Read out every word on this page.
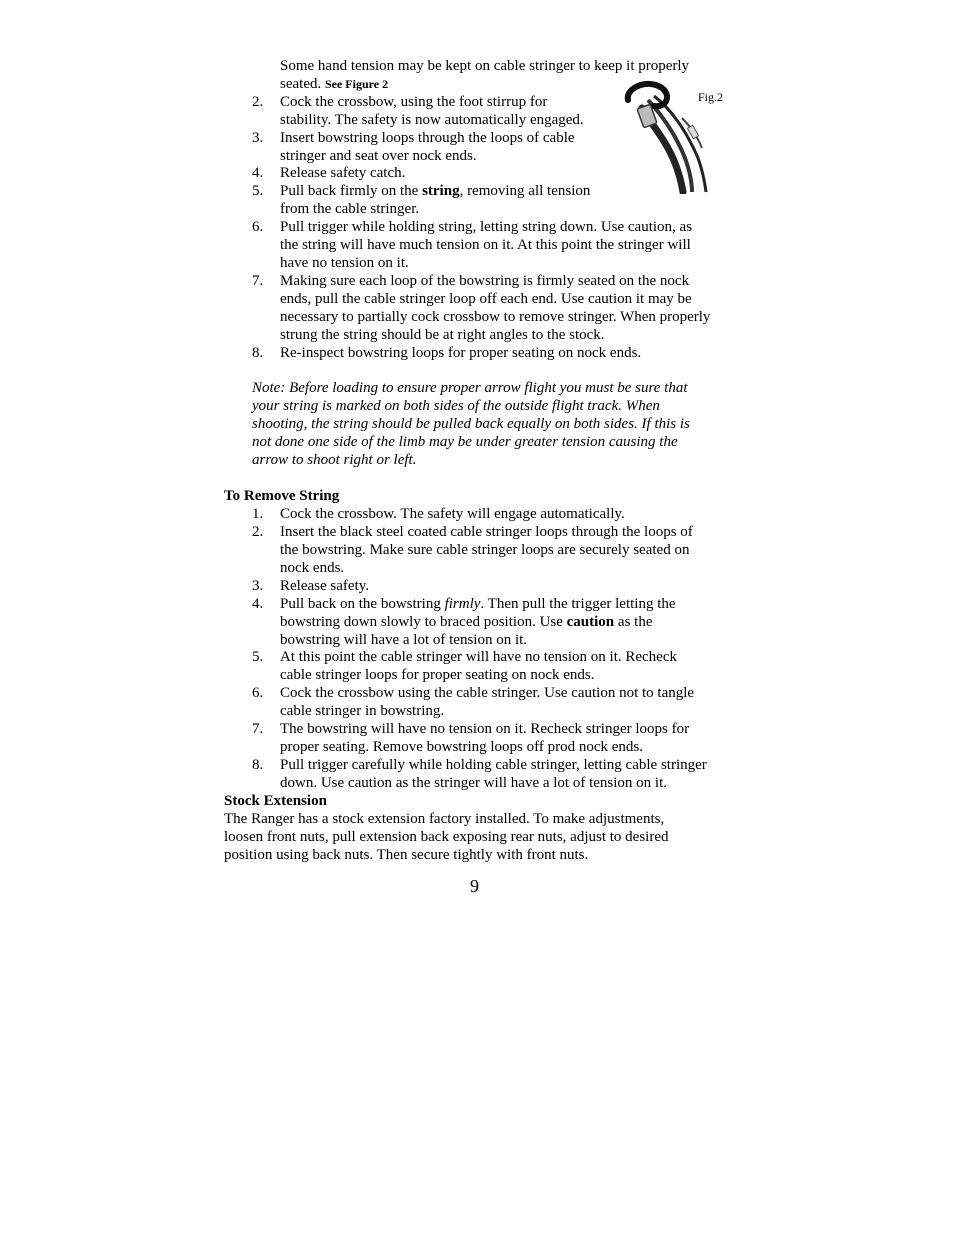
Some hand tension may be kept on cable stringer to keep it properly
seated. See Figure 2
Fig.2
2.	Cock the crossbow, using the foot stirrup for
stability. The safety is now automatically engaged.
3.	Insert bowstring loops through the loops of cable
stringer and seat over nock ends.
4.	Release safety catch.
5.	Pull back firmly on the string, removing all tension
from the cable stringer.
6.	Pull trigger while holding string, letting string down. Use caution, as
the string will have much tension on it. At this point the stringer will
have no tension on it.
7.	Making sure each loop of the bowstring is firmly seated on the nock
ends, pull the cable stringer loop off each end. Use caution it may be
necessary to partially cock crossbow to remove stringer. When properly
strung the string should be at right angles to the stock.
8.	Re-inspect bowstring loops for proper seating on nock ends.
Note: Before loading to ensure proper arrow flight you must be sure that
your string is marked on both sides of the outside flight track. When
shooting, the string should be pulled back equally on both sides. If this is
not done one side of the limb may be under greater tension causing the
arrow to shoot right or left.
To Remove String
1.	Cock the crossbow. The safety will engage automatically.
2.	Insert the black steel coated cable stringer loops through the loops of
the bowstring. Make sure cable stringer loops are securely seated on
nock ends.
3.	Release safety.
4.	Pull back on the bowstring firmly. Then pull the trigger letting the
bowstring down slowly to braced position. Use caution as the
bowstring will have a lot of tension on it.
5.	At this point the cable stringer will have no tension on it. Recheck
cable stringer loops for proper seating on nock ends.
6.	Cock the crossbow using the cable stringer. Use caution not to tangle
cable stringer in bowstring.
7.	The bowstring will have no tension on it. Recheck stringer loops for
proper seating. Remove bowstring loops off prod nock ends.
8.	Pull trigger carefully while holding cable stringer, letting cable stringer
down. Use caution as the stringer will have a lot of tension on it.
Stock Extension
The Ranger has a stock extension factory installed. To make adjustments,
loosen front nuts, pull extension back exposing rear nuts, adjust to desired
position using back nuts. Then secure tightly with front nuts.
9
